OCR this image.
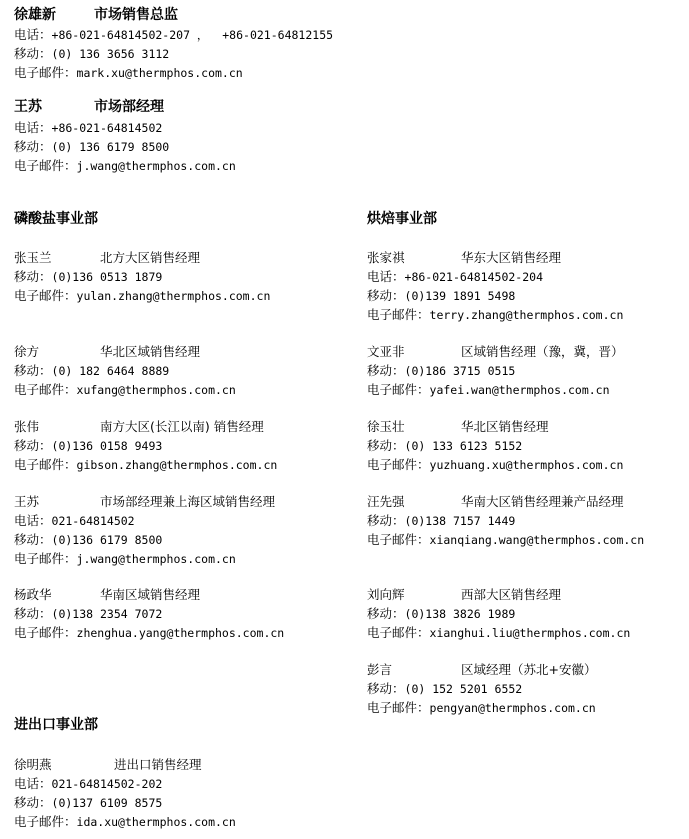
徐雄新	市场销售总监
电话：+86-021-64814502-207 ，  +86-021-64812155
移动：(0) 136 3656 3112
电子邮件：mark.xu@thermphos.com.cn
王苏	市场部经理
电话：+86-021-64814502
移动：(0) 136 6179 8500
电子邮件：j.wang@thermphos.com.cn
磷酸盐事业部	烘焙事业部
进出口事业部
张玉兰	北方大区销售经理
移动：(0)136 0513 1879
电子邮件：yulan.zhang@thermphos.com.cn
徐方	华北区域销售经理
移动：(0) 182 6464 8889
电子邮件：xufang@thermphos.com.cn
张伟	南方大区(长江以南) 销售经理
移动：(0)136 0158 9493
电子邮件：gibson.zhang@thermphos.com.cn
王苏	市场部经理兼上海区域销售经理
电话：021-64814502
移动：(0)136 6179 8500
电子邮件：j.wang@thermphos.com.cn
杨政华	华南区域销售经理
移动：(0)138 2354 7072
电子邮件：zhenghua.yang@thermphos.com.cn
张家祺	华东大区销售经理
电话：+86-021-64814502-204
移动：(0)139 1891 5498
电子邮件：terry.zhang@thermphos.com.cn
文亚非	区域销售经理（豫，冀，晋）
移动：(0)186 3715 0515
电子邮件：yafei.wan@thermphos.com.cn
徐玉壮	华北区销售经理
移动：(0) 133 6123 5152
电子邮件：yuzhuang.xu@thermphos.com.cn
汪先强	华南大区销售经理兼产品经理
移动：(0)138 7157 1449
电子邮件：xianqiang.wang@thermphos.com.cn
刘向辉	西部大区销售经理
移动：(0)138 3826 1989
电子邮件：xianghui.liu@thermphos.com.cn
彭言	区域经理（苏北+安徽）
移动：(0) 152 5201 6552
电子邮件：pengyan@thermphos.com.cn
徐明燕	进出口销售经理
电话：021-64814502-202
移动：(0)137 6109 8575
电子邮件：ida.xu@thermphos.com.cn
